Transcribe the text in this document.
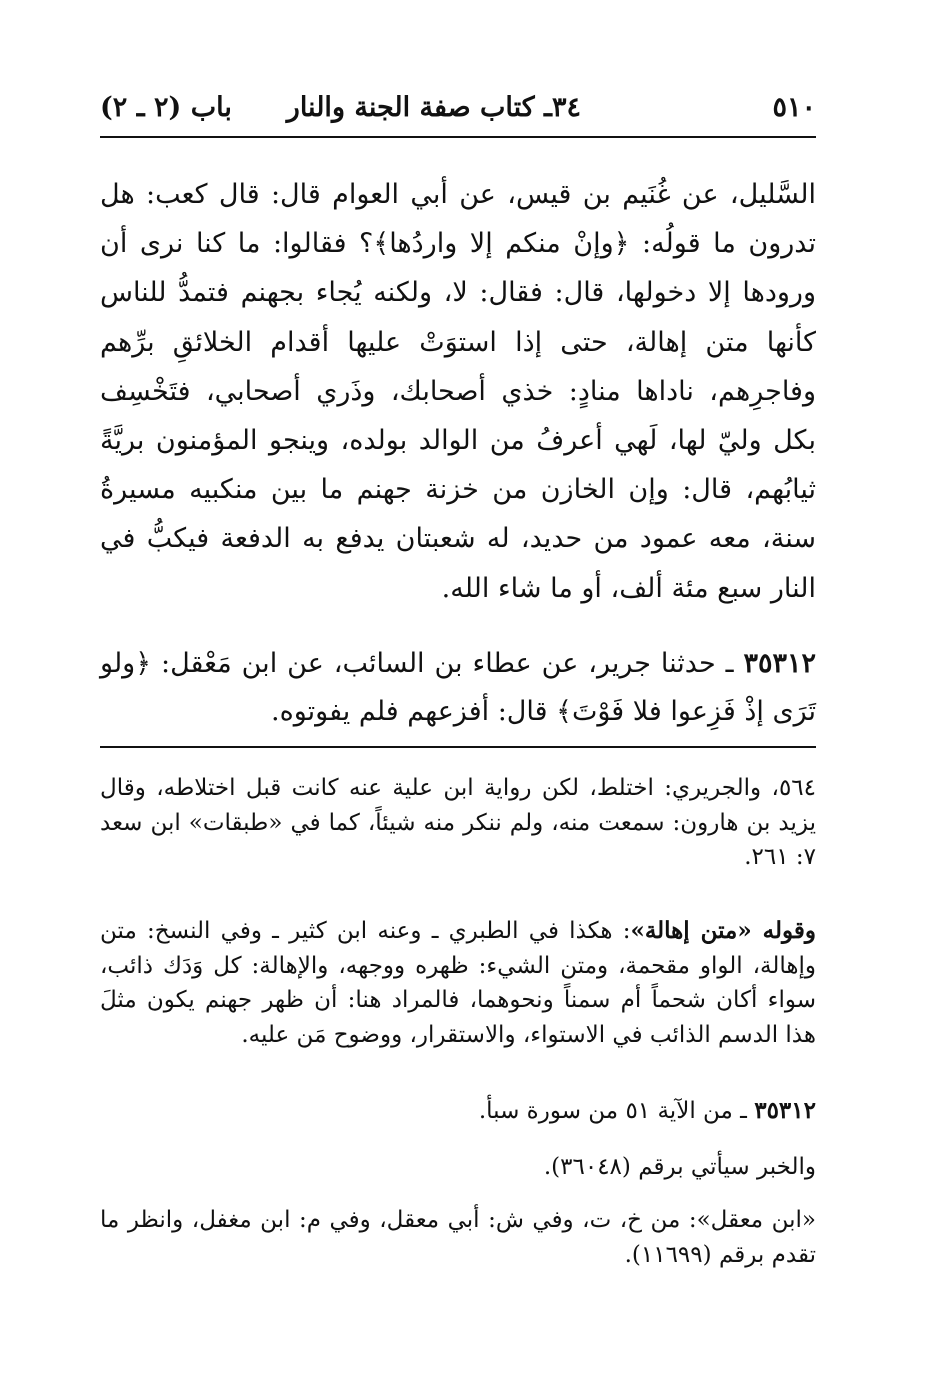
٥١٠
٣٤ـ كتاب صفة الجنة والنار
باب (٢ ـ ٢)

السَّليل، عن غُنَيم بن قيس، عن أبي العوام قال: قال كعب: هل تدرون ما قولُه: ﴿وإنْ منكم إلا واردُها﴾؟ فقالوا: ما كنا نرى أن ورودها إلا دخولها، قال: فقال: لا، ولكنه يُجاء بجهنم فتمدُّ للناس كأنها متن إهالة، حتى إذا استوَتْ عليها أقدام الخلائقِ برِّهم وفاجرِهم، ناداها منادٍ: خذي أصحابك، وذَري أصحابي، فتَخْسِف بكل وليّ لها، لَهي أعرفُ من الوالد بولده، وينجو المؤمنون بريَّةً ثيابُهم، قال: وإن الخازن من خزنة جهنم ما بين منكبيه مسيرةُ سنة، معه عمود من حديد، له شعبتان يدفع به الدفعة فيكبُّ في النار سبع مئة ألف، أو ما شاء الله.

٣٥٣١٢ ـ حدثنا جرير، عن عطاء بن السائب، عن ابن مَعْقل: ﴿ولو تَرَى إذْ فَزِعوا فلا فَوْتَ﴾ قال: أفزعهم فلم يفوتوه.

٥٦٤، والجريري: اختلط، لكن رواية ابن علية عنه كانت قبل اختلاطه، وقال يزيد بن هارون: سمعت منه، ولم ننكر منه شيئاً، كما في «طبقات» ابن سعد ٧: ٢٦١.

وقوله «متن إهالة»: هكذا في الطبري ـ وعنه ابن كثير ـ وفي النسخ: متن وإهالة، الواو مقحمة، ومتن الشيء: ظهره ووجهه، والإهالة: كل وَدَك ذائب، سواء أكان شحماً أم سمناً ونحوهما، فالمراد هنا: أن ظهر جهنم يكون مثلَ هذا الدسم الذائب في الاستواء، والاستقرار، ووضوح مَن عليه.

٣٥٣١٢ ـ من الآية ٥١ من سورة سبأ.

والخبر سيأتي برقم (٣٦٠٤٨).

«ابن معقل»: من خ، ت، وفي ش: أبي معقل، وفي م: ابن مغفل، وانظر ما تقدم برقم (١١٦٩٩).
